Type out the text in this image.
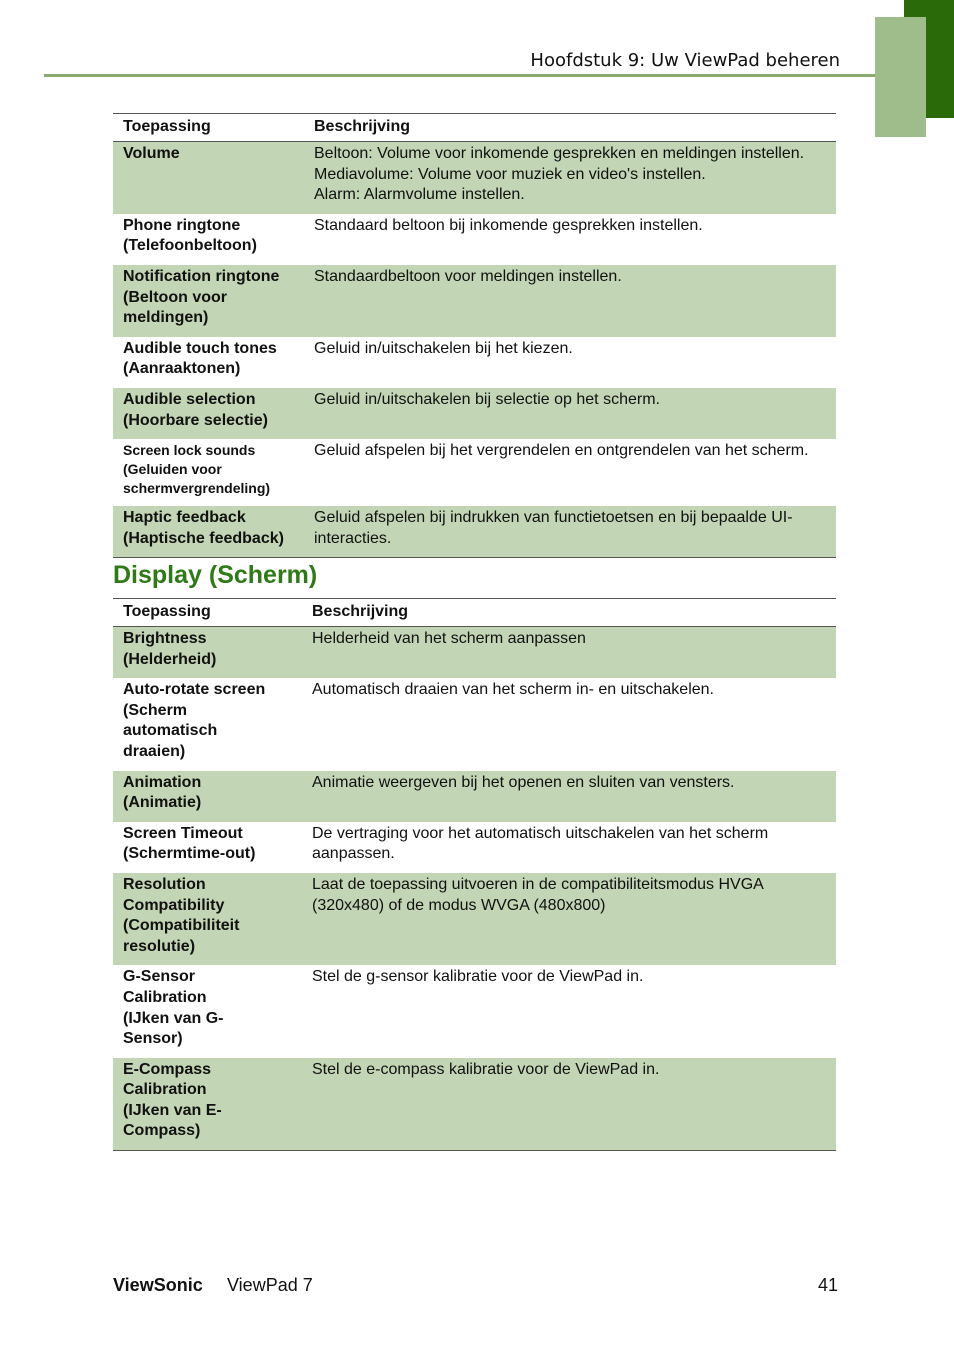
Hoofdstuk 9: Uw ViewPad beheren
Toepassing	Beschrijving
Volume	Beltoon: Volume voor inkomende gesprekken en meldingen instellen.
Mediavolume: Volume voor muziek en video's instellen.
Alarm: Alarmvolume instellen.
Phone ringtone
(Telefoonbeltoon)	Standaard beltoon bij inkomende gesprekken instellen.
Notification ringtone
(Beltoon voor
meldingen)	Standaardbeltoon voor meldingen instellen.
Audible touch tones
(Aanraaktonen)	Geluid in/uitschakelen bij het kiezen.
Audible selection
(Hoorbare selectie)	Geluid in/uitschakelen bij selectie op het scherm.
Screen lock sounds
(Geluiden voor
schermvergrendeling)	Geluid afspelen bij het vergrendelen en ontgrendelen van het scherm.
Haptic feedback
(Haptische feedback)	Geluid afspelen bij indrukken van functietoetsen en bij bepaalde UI-interacties.
Display (Scherm)
Toepassing	Beschrijving
Brightness
(Helderheid)	Helderheid van het scherm aanpassen
Auto-rotate screen
(Scherm
automatisch
draaien)	Automatisch draaien van het scherm in- en uitschakelen.
Animation
(Animatie)	Animatie weergeven bij het openen en sluiten van vensters.
Screen Timeout
(Schermtime-out)	De vertraging voor het automatisch uitschakelen van het scherm aanpassen.
Resolution
Compatibility
(Compatibiliteit
resolutie)	Laat de toepassing uitvoeren in de compatibiliteitsmodus HVGA (320x480) of de modus WVGA (480x800)
G-Sensor
Calibration
(IJken van G-
Sensor)	Stel de g-sensor kalibratie voor de ViewPad in.
E-Compass
Calibration
(IJken van E-
Compass)	Stel de e-compass kalibratie voor de ViewPad in.
ViewSonic ViewPad 7	41
